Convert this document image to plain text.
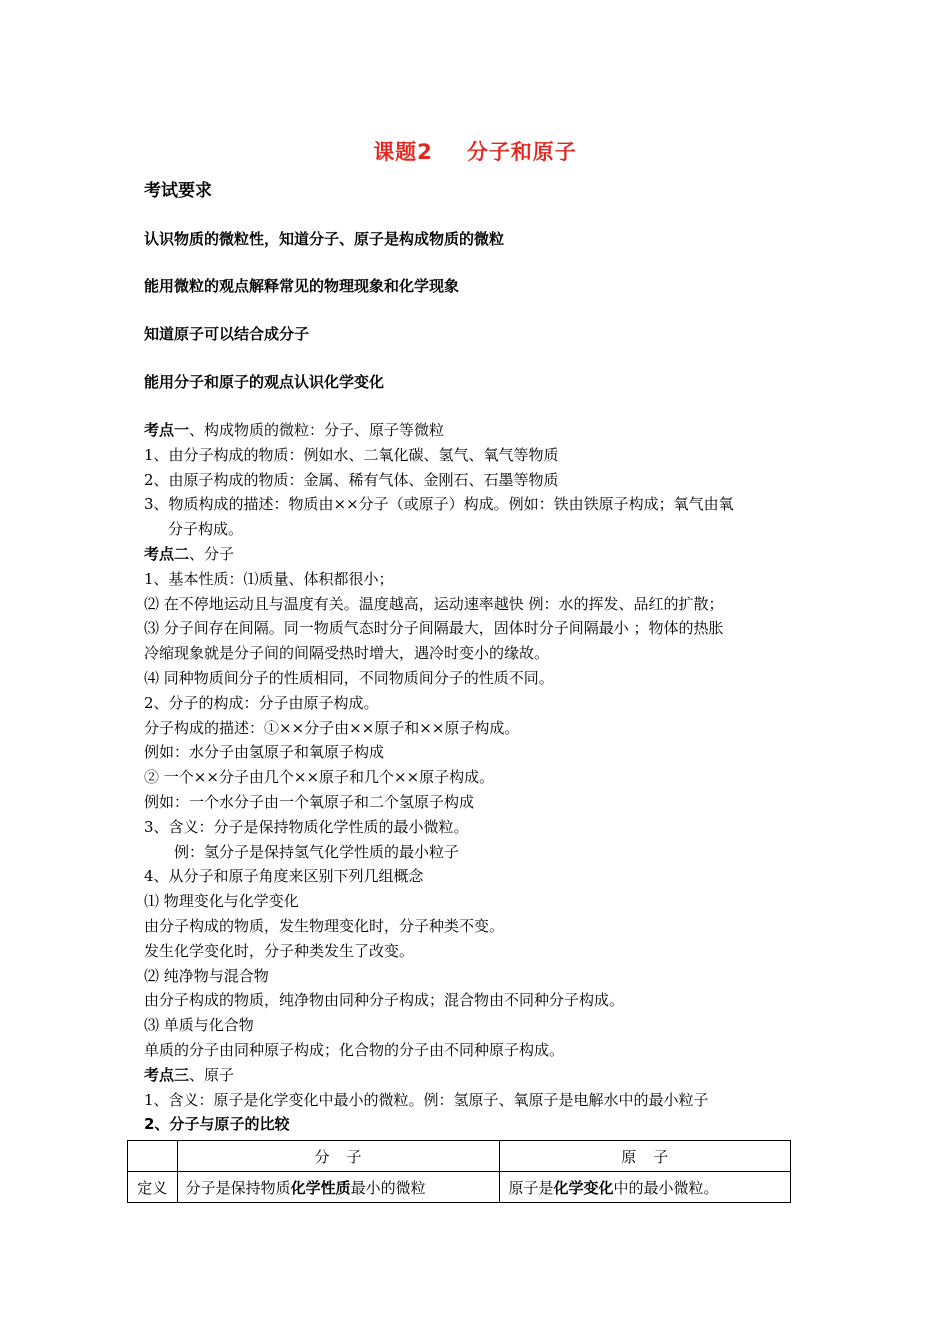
课题2 分子和原子
考试要求
认识物质的微粒性，知道分子、原子是构成物质的微粒
能用微粒的观点解释常见的物理现象和化学现象
知道原子可以结合成分子
能用分子和原子的观点认识化学变化
考点一、构成物质的微粒：分子、原子等微粒
1、由分子构成的物质：例如水、二氧化碳、氢气、氧气等物质
2、由原子构成的物质：金属、稀有气体、金刚石、石墨等物质
3、物质构成的描述：物质由××分子（或原子）构成。例如：铁由铁原子构成；氧气由氧
分子构成。
考点二、分子
1、基本性质：⑴质量、体积都很小；
⑵ 在不停地运动且与温度有关。温度越高，运动速率越快 例：水的挥发、品红的扩散；
⑶ 分子间存在间隔。同一物质气态时分子间隔最大，固体时分子间隔最小 ；物体的热胀
冷缩现象就是分子间的间隔受热时增大，遇冷时变小的缘故。
⑷ 同种物质间分子的性质相同，不同物质间分子的性质不同。
2、分子的构成：分子由原子构成。
分子构成的描述：①××分子由××原子和××原子构成。
例如：水分子由氢原子和氧原子构成
② 一个××分子由几个××原子和几个××原子构成。
例如：一个水分子由一个氧原子和二个氢原子构成
3、含义：分子是保持物质化学性质的最小微粒。
例：氢分子是保持氢气化学性质的最小粒子
4、从分子和原子角度来区别下列几组概念
⑴ 物理变化与化学变化
由分子构成的物质，发生物理变化时，分子种类不变。
发生化学变化时，分子种类发生了改变。
⑵ 纯净物与混合物
由分子构成的物质，纯净物由同种分子构成；混合物由不同种分子构成。
⑶ 单质与化合物
单质的分子由同种原子构成；化合物的分子由不同种原子构成。
考点三、原子
1、含义：原子是化学变化中最小的微粒。例：氢原子、氧原子是电解水中的最小粒子
2、分子与原子的比较
	分　子	原　子
定义	分子是保持物质化学性质最小的微粒	原子是化学变化中的最小微粒。
